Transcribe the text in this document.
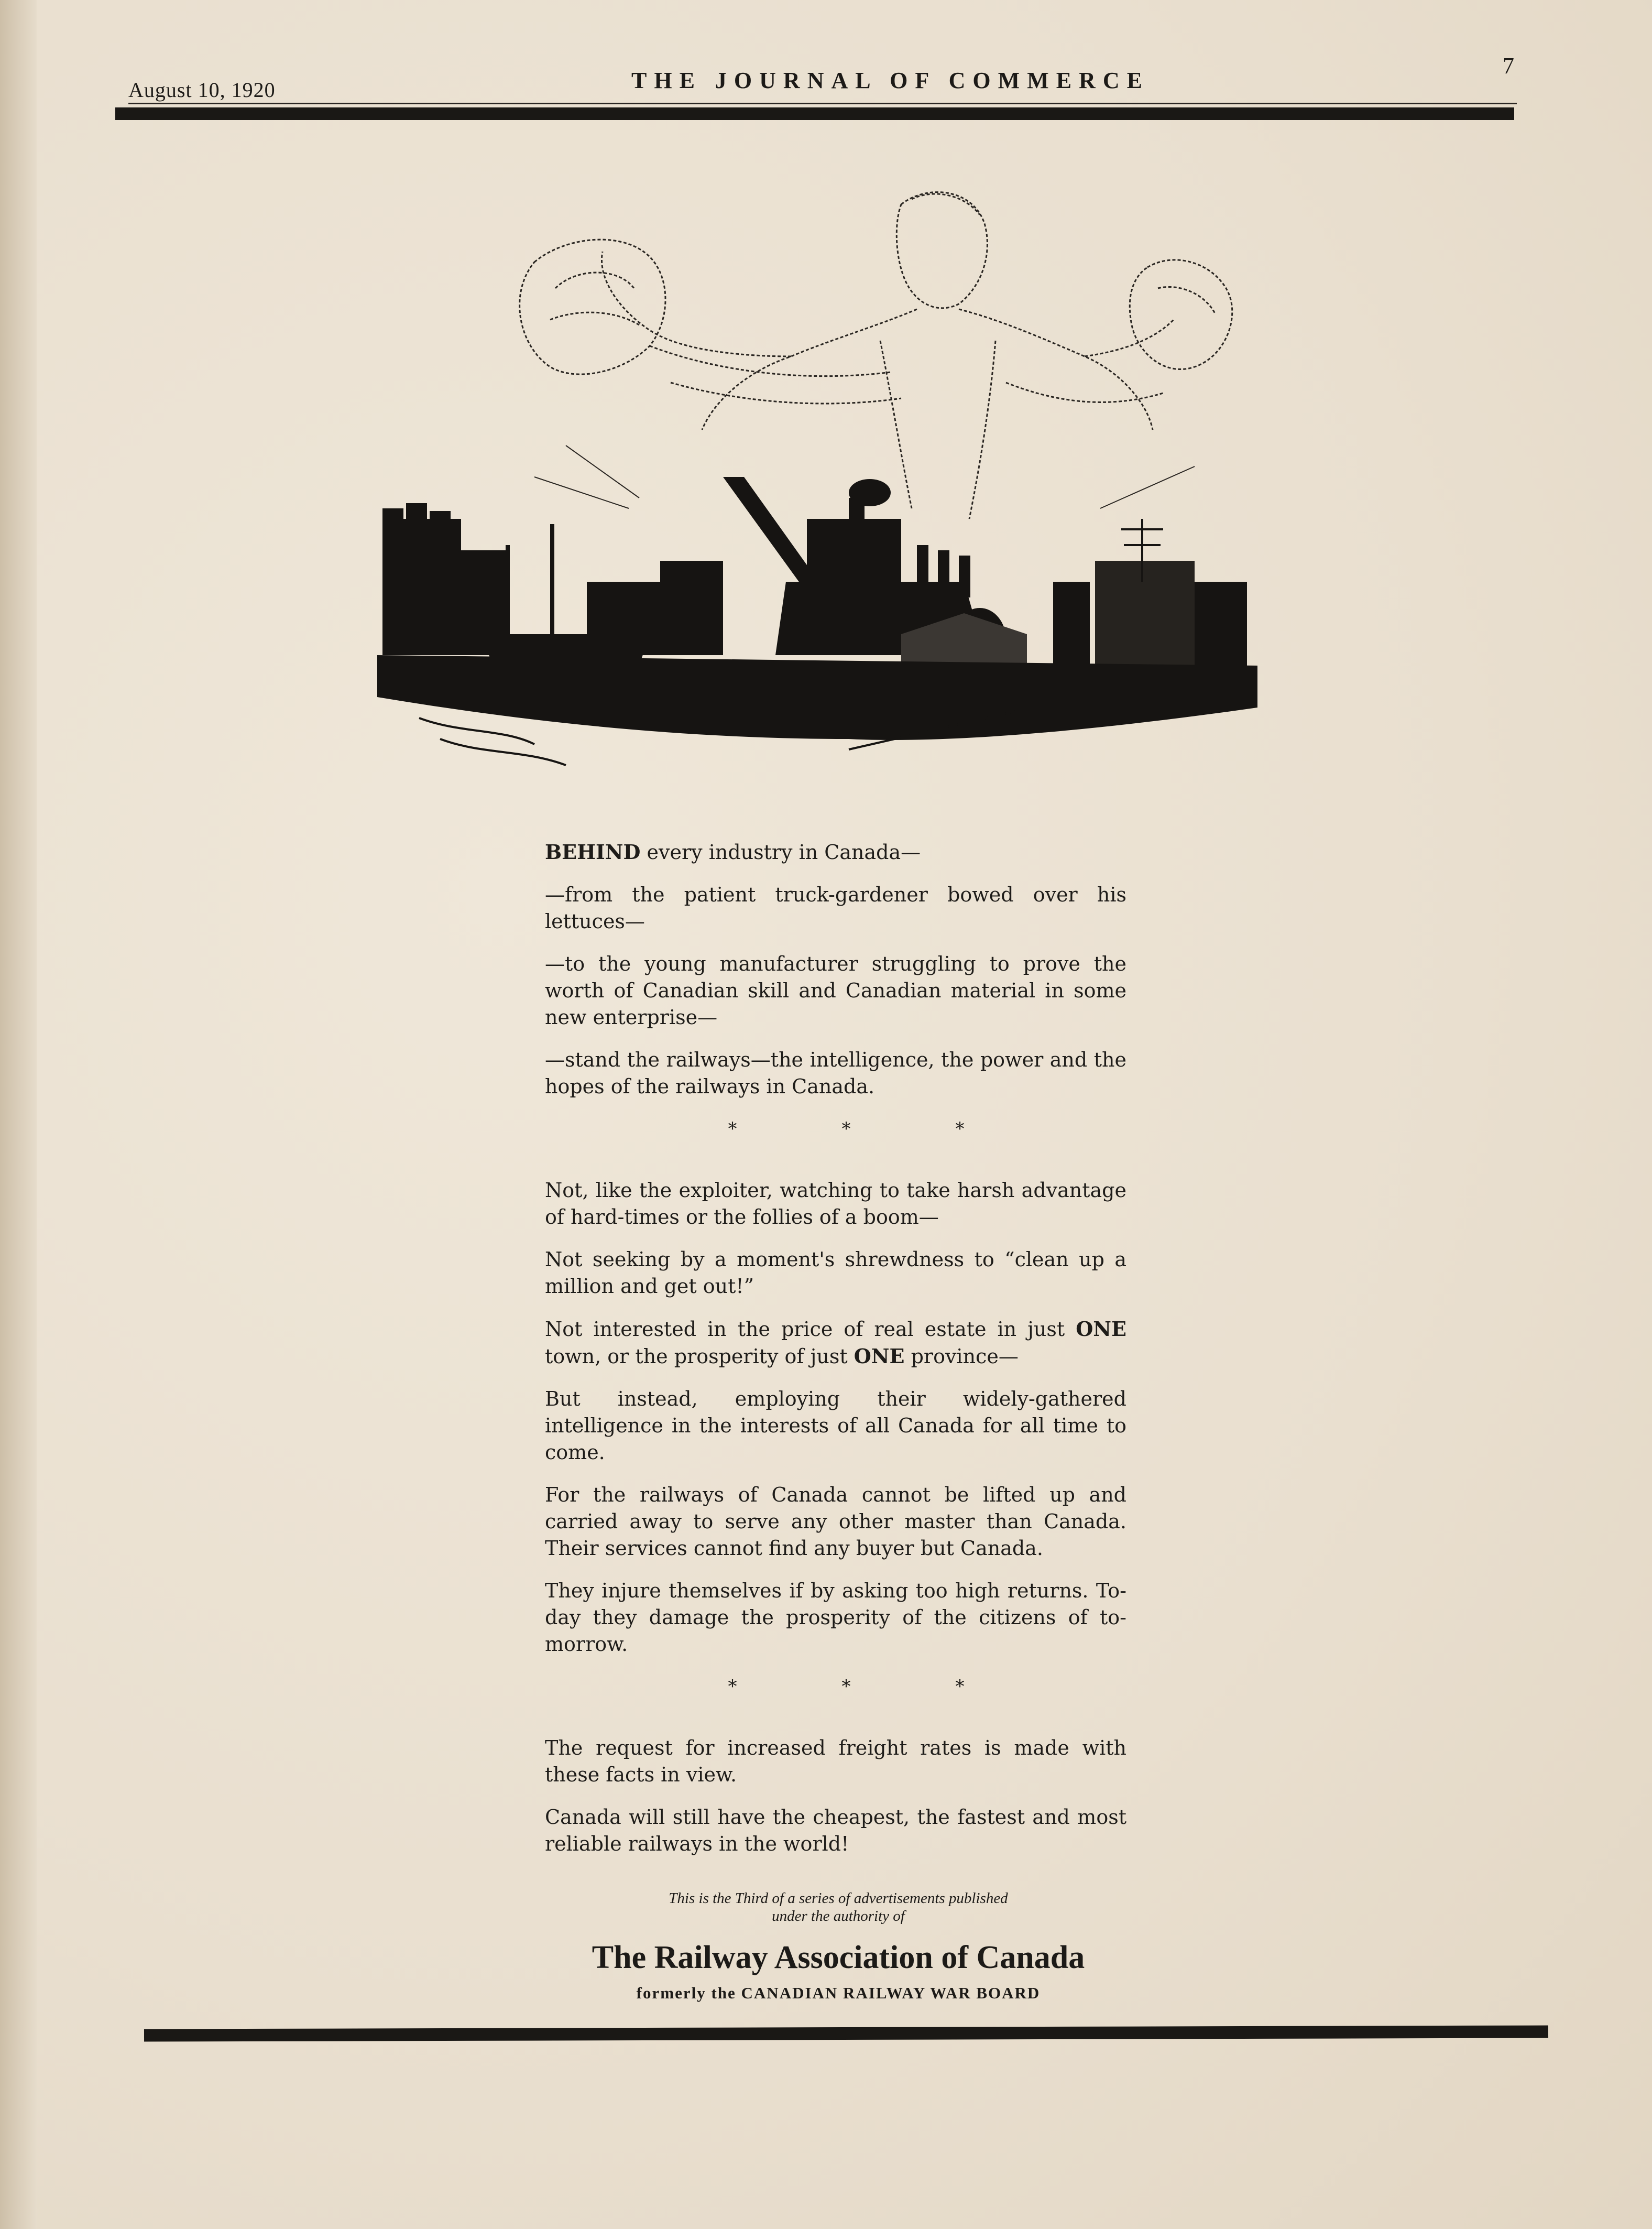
August 10, 1920	THE JOURNAL OF COMMERCE
7

BEHIND every industry in Canada—

—from the patient truck-gardener bowed over his lettuces—

—to the young manufacturer struggling to prove the worth of Canadian skill and Canadian material in some new enterprise—

—stand the railways—the intelligence, the power and the hopes of the railways in Canada.

*	*	*

Not, like the exploiter, watching to take harsh advantage of hard-times or the follies of a boom—

Not seeking by a moment's shrewdness to “clean up a million and get out!”

Not interested in the price of real estate in just ONE town, or the prosperity of just ONE province—

But instead, employing their widely-gathered intelligence in the interests of all Canada for all time to come.

For the railways of Canada cannot be lifted up and carried away to serve any other master than Canada. Their services cannot find any buyer but Canada.

They injure themselves if by asking too high returns. To-day they damage the prosperity of the citizens of to-morrow.

*	*	*

The request for increased freight rates is made with these facts in view.

Canada will still have the cheapest, the fastest and most reliable railways in the world!

This is the Third of a series of advertisements published
under the authority of
The Railway Association of Canada
formerly the CANADIAN RAILWAY WAR BOARD
